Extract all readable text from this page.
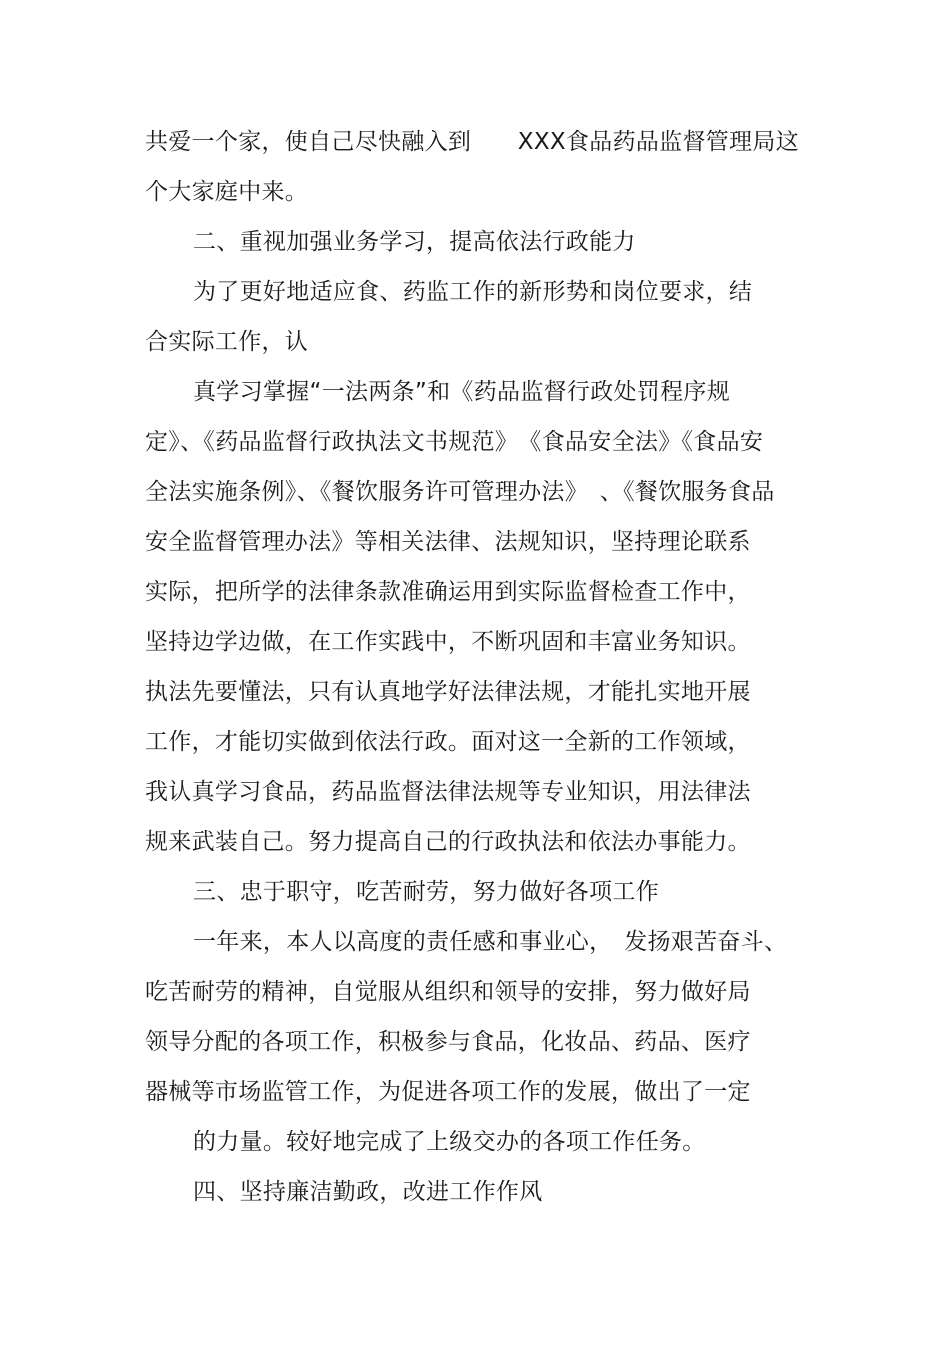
共爱一个家，使自己尽快融入到　　XXX食品药品监督管理局这
个大家庭中来。
二、重视加强业务学习，提高依法行政能力
为了更好地适应食、药监工作的新形势和岗位要求，结
合实际工作，认
真学习掌握“一法两条”和《药品监督行政处罚程序规
定》、《药品监督行政执法文书规范》　《食品安全法》《食品安
全法实施条例》、《餐饮服务许可管理办法》　、《餐饮服务食品
安全监督管理办法》等相关法律、法规知识，坚持理论联系
实际，把所学的法律条款准确运用到实际监督检查工作中，
坚持边学边做，在工作实践中，不断巩固和丰富业务知识。
执法先要懂法，只有认真地学好法律法规，才能扎实地开展
工作，才能切实做到依法行政。面对这一全新的工作领域，
我认真学习食品，药品监督法律法规等专业知识，用法律法
规来武装自己。努力提高自己的行政执法和依法办事能力。
三、忠于职守，吃苦耐劳，努力做好各项工作
一年来，本人以高度的责任感和事业心，　发扬艰苦奋斗、
吃苦耐劳的精神，自觉服从组织和领导的安排，努力做好局
领导分配的各项工作，积极参与食品，化妆品、药品、医疗
器械等市场监管工作，为促进各项工作的发展，做出了一定
的力量。较好地完成了上级交办的各项工作任务。
四、坚持廉洁勤政，改进工作作风
